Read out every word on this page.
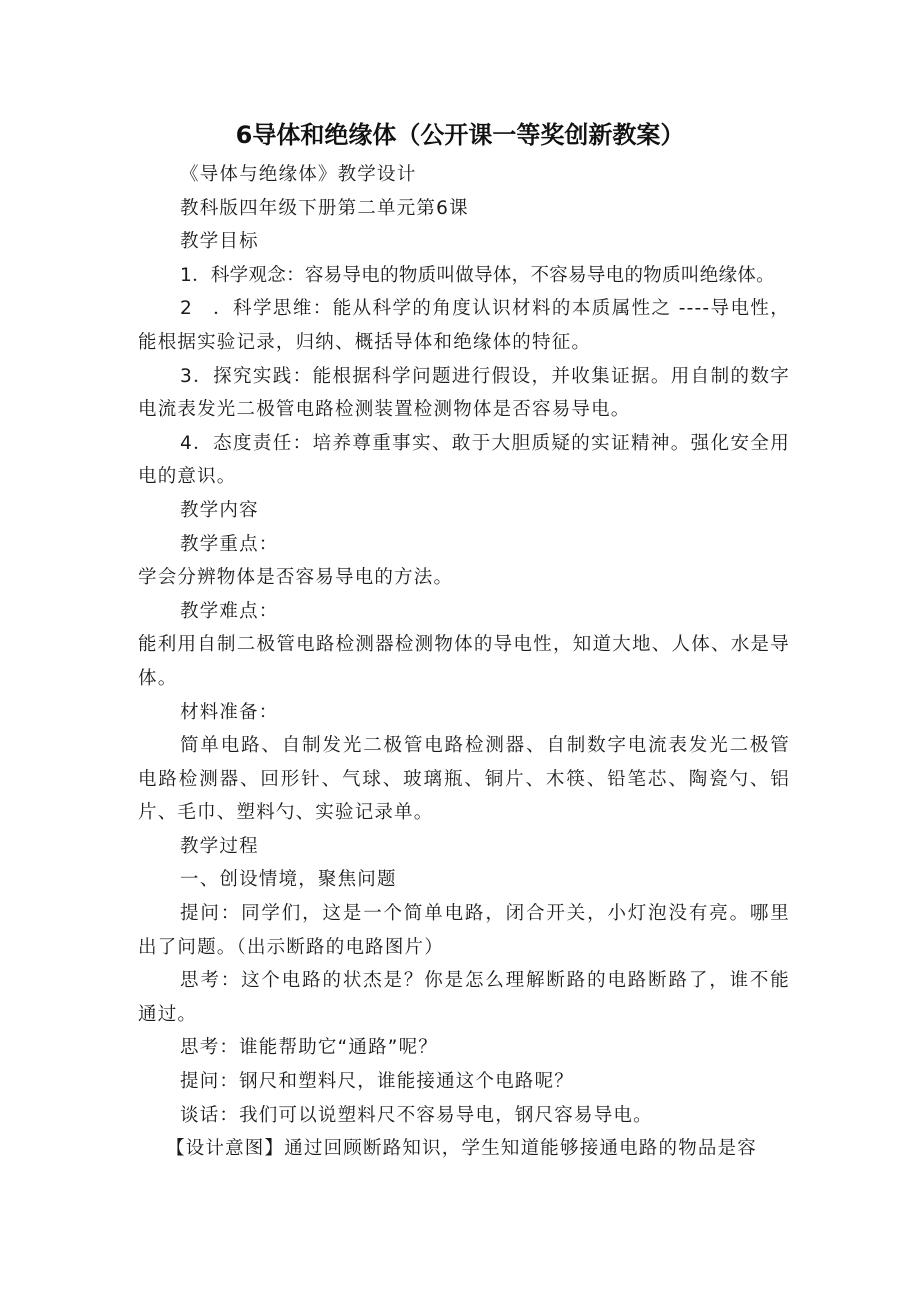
6导体和绝缘体（公开课一等奖创新教案）

《导体与绝缘体》教学设计

教科版四年级下册第二单元第6课

教学目标

1．科学观念：容易导电的物质叫做导体，不容易导电的物质叫绝缘体。

2　．科学思维：能从科学的角度认识材料的本质属性之 ----导电性，能根据实验记录，归纳、概括导体和绝缘体的特征。

3．探究实践：能根据科学问题进行假设，并收集证据。用自制的数字电流表发光二极管电路检测装置检测物体是否容易导电。

4．态度责任：培养尊重事实、敢于大胆质疑的实证精神。强化安全用电的意识。

教学内容

教学重点：

学会分辨物体是否容易导电的方法。

教学难点：

能利用自制二极管电路检测器检测物体的导电性，知道大地、人体、水是导体。

材料准备：

简单电路、自制发光二极管电路检测器、自制数字电流表发光二极管电路检测器、回形针、气球、玻璃瓶、铜片、木筷、铅笔芯、陶瓷勺、铝片、毛巾、塑料勺、实验记录单。

教学过程

一、创设情境，聚焦问题

提问：同学们，这是一个简单电路，闭合开关，小灯泡没有亮。哪里出了问题。（出示断路的电路图片）

思考：这个电路的状杰是？你是怎么理解断路的电路断路了，谁不能通过。

思考：谁能帮助它“通路”呢？

提问：钢尺和塑料尺，谁能接通这个电路呢？

谈话：我们可以说塑料尺不容易导电，钢尺容易导电。

【设计意图】通过回顾断路知识，学生知道能够接通电路的物品是容
